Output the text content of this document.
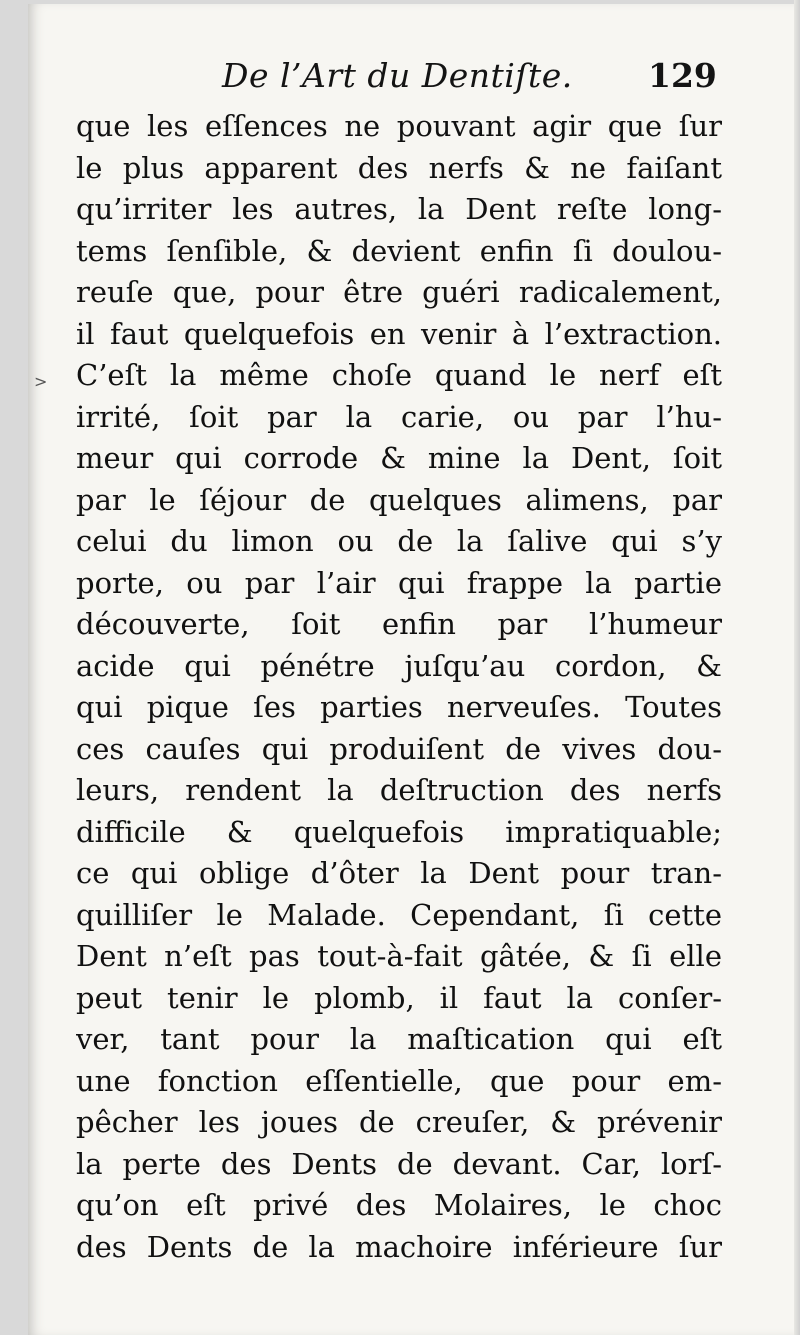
De l’Art du Dentiſte. 129
>
que les eſſences ne pouvant agir que ſur
le plus apparent des nerfs & ne faiſant
qu’irriter les autres, la Dent reſte long-
tems ſenſible, & devient enfin ſi doulou-
reuſe que, pour être guéri radicalement,
il faut quelquefois en venir à l’extraction.
C’eſt la même choſe quand le nerf eſt
irrité, ſoit par la carie, ou par l’hu-
meur qui corrode & mine la Dent, ſoit
par le ſéjour de quelques alimens, par
celui du limon ou de la ſalive qui s’y
porte, ou par l’air qui frappe la partie
découverte, ſoit enfin par l’humeur
acide qui pénétre juſqu’au cordon, &
qui pique ſes parties nerveuſes. Toutes
ces cauſes qui produiſent de vives dou-
leurs, rendent la deſtruction des nerfs
difficile & quelquefois impratiquable;
ce qui oblige d’ôter la Dent pour tran-
quilliſer le Malade. Cependant, ſi cette
Dent n’eſt pas tout-à-fait gâtée, & ſi elle
peut tenir le plomb, il faut la conſer-
ver, tant pour la maſtication qui eſt
une fonction eſſentielle, que pour em-
pêcher les joues de creuſer, & prévenir
la perte des Dents de devant. Car, lorſ-
qu’on eſt privé des Molaires, le choc
des Dents de la machoire inférieure ſur
